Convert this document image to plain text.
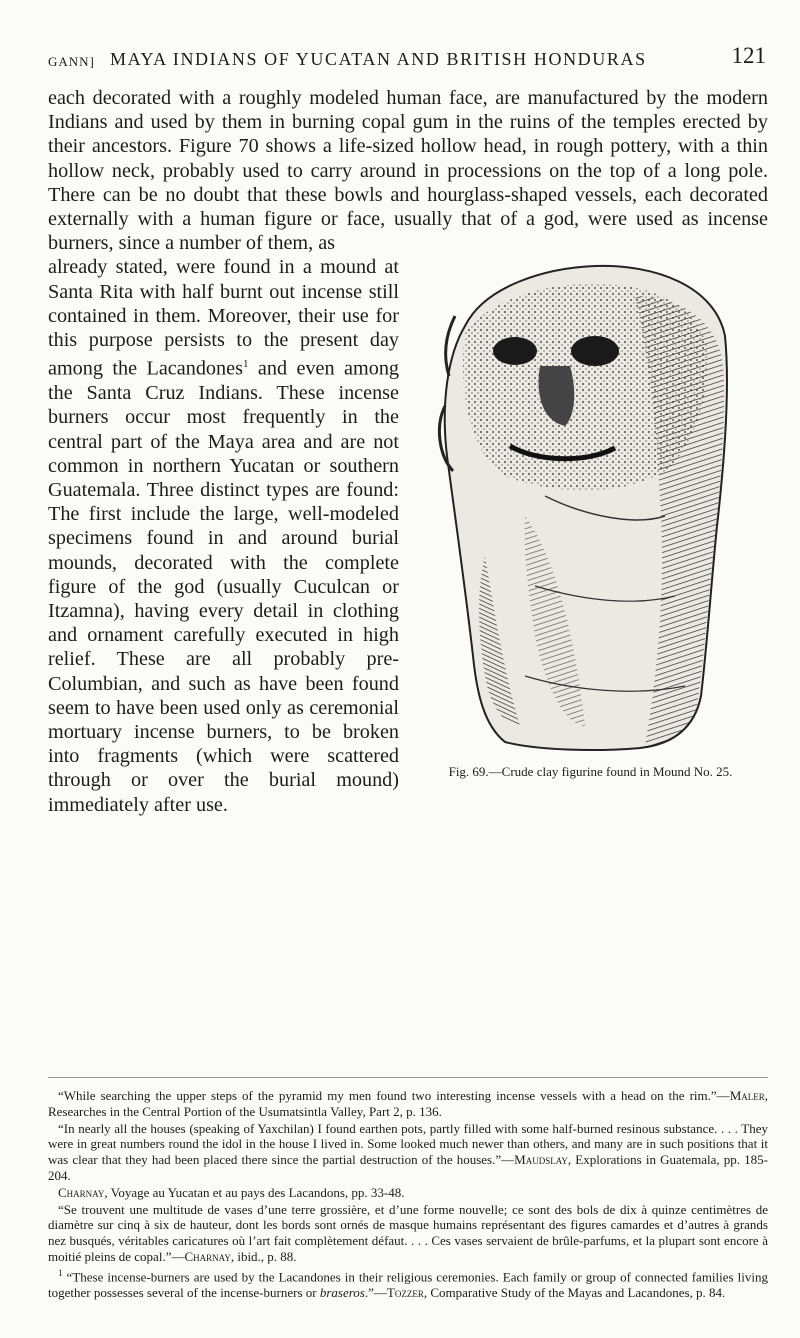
GANN] MAYA INDIANS OF YUCATAN AND BRITISH HONDURAS	121

each decorated with a roughly modeled human face, are manufactured by the modern Indians and used by them in burning copal gum in the ruins of the temples erected by their ancestors. Figure 70 shows a life-sized hollow head, in rough pottery, with a thin hollow neck, probably used to carry around in processions on the top of a long pole. There can be no doubt that these bowls and hourglass-shaped vessels, each decorated externally with a human figure or face, usually that of a god, were used as incense burners, since a number of them, as

Fig. 69.—Crude clay figurine found in Mound No. 25.

already stated, were found in a mound at Santa Rita with half burnt out incense still contained in them. Moreover, their use for this purpose persists to the present day among the Lacandones$^1$ and even among the Santa Cruz Indians. These incense burners occur most frequently in the central part of the Maya area and are not common in northern Yucatan or southern Guatemala. Three distinct types are found: The first include the large, well-modeled specimens found in and around burial mounds, decorated with the complete figure of the god (usually Cuculcan or Itzamna), having every detail in clothing and ornament carefully executed in high relief. These are all probably pre-Columbian, and such as have been found seem to have been used only as ceremonial mortuary incense burners, to be broken into fragments (which were scattered through or over the burial mound) immediately after use.

“While searching the upper steps of the pyramid my men found two interesting incense vessels with a head on the rim.”—Maler, Researches in the Central Portion of the Usumatsintla Valley, Part 2, p. 136.

“In nearly all the houses (speaking of Yaxchilan) I found earthen pots, partly filled with some half-burned resinous substance. . . . They were in great numbers round the idol in the house I lived in. Some looked much newer than others, and many are in such positions that it was clear that they had been placed there since the partial destruction of the houses.”—Maudslay, Explorations in Guatemala, pp. 185-204.

Charnay, Voyage au Yucatan et au pays des Lacandons, pp. 33-48.

“Se trouvent une multitude de vases d’une terre grossière, et d’une forme nouvelle; ce sont des bols de dix à quinze centimètres de diamètre sur cinq à six de hauteur, dont les bords sont ornés de masque humains représentant des figures camardes et d’autres à grands nez busqués, véritables caricatures où l’art fait complètement défaut. . . . Ces vases servaient de brûle-parfums, et la plupart sont encore à moitié pleins de copal.”—Charnay, ibid., p. 88.

$^1$ “These incense-burners are used by the Lacandones in their religious ceremonies. Each family or group of connected families living together possesses several of the incense-burners or braseros.”—Tozzer, Comparative Study of the Mayas and Lacandones, p. 84.
